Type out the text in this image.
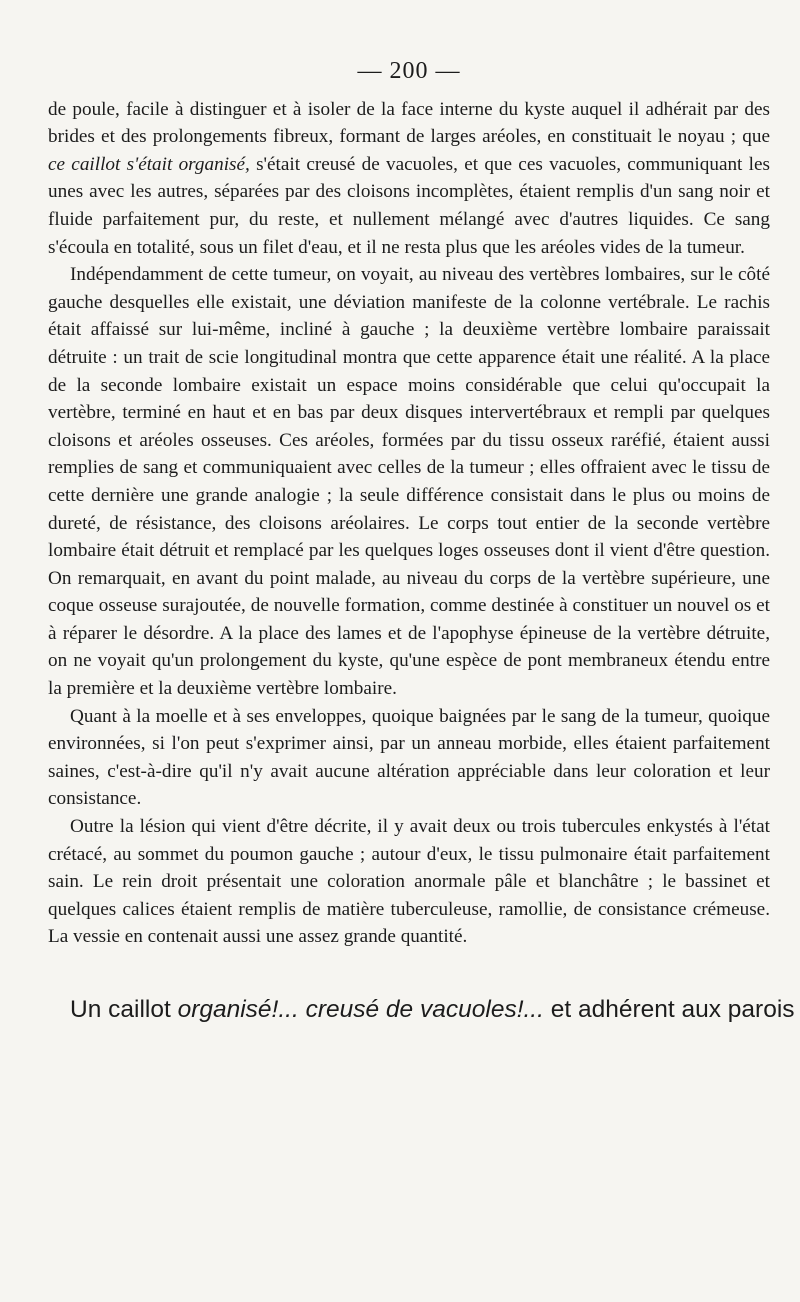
— 200 —

de poule, facile à distinguer et à isoler de la face interne du kyste auquel il adhérait par des brides et des prolongements fibreux, formant de larges aréoles, en constituait le noyau ; que ce caillot s'était organisé, s'était creusé de vacuoles, et que ces vacuoles, communiquant les unes avec les autres, séparées par des cloisons incomplètes, étaient remplis d'un sang noir et fluide parfaitement pur, du reste, et nullement mélangé avec d'autres liquides. Ce sang s'écoula en totalité, sous un filet d'eau, et il ne resta plus que les aréoles vides de la tumeur.

Indépendamment de cette tumeur, on voyait, au niveau des vertèbres lombaires, sur le côté gauche desquelles elle existait, une déviation manifeste de la colonne vertébrale. Le rachis était affaissé sur lui-même, incliné à gauche ; la deuxième vertèbre lombaire paraissait détruite : un trait de scie longitudinal montra que cette apparence était une réalité. A la place de la seconde lombaire existait un espace moins considérable que celui qu'occupait la vertèbre, terminé en haut et en bas par deux disques intervertébraux et rempli par quelques cloisons et aréoles osseuses. Ces aréoles, formées par du tissu osseux raréfié, étaient aussi remplies de sang et communiquaient avec celles de la tumeur ; elles offraient avec le tissu de cette dernière une grande analogie ; la seule différence consistait dans le plus ou moins de dureté, de résistance, des cloisons aréolaires. Le corps tout entier de la seconde vertèbre lombaire était détruit et remplacé par les quelques loges osseuses dont il vient d'être question. On remarquait, en avant du point malade, au niveau du corps de la vertèbre supérieure, une coque osseuse surajoutée, de nouvelle formation, comme destinée à constituer un nouvel os et à réparer le désordre. A la place des lames et de l'apophyse épineuse de la vertèbre détruite, on ne voyait qu'un prolongement du kyste, qu'une espèce de pont membraneux étendu entre la première et la deuxième vertèbre lombaire.

Quant à la moelle et à ses enveloppes, quoique baignées par le sang de la tumeur, quoique environnées, si l'on peut s'exprimer ainsi, par un anneau morbide, elles étaient parfaitement saines, c'est-à-dire qu'il n'y avait aucune altération appréciable dans leur coloration et leur consistance.

Outre la lésion qui vient d'être décrite, il y avait deux ou trois tubercules enkystés à l'état crétacé, au sommet du poumon gauche ; autour d'eux, le tissu pulmonaire était parfaitement sain. Le rein droit présentait une coloration anormale pâle et blanchâtre ; le bassinet et quelques calices étaient remplis de matière tuberculeuse, ramollie, de consistance crémeuse. La vessie en contenait aussi une assez grande quantité.

Un caillot organisé!... creusé de vacuoles!... et adhérent aux parois
